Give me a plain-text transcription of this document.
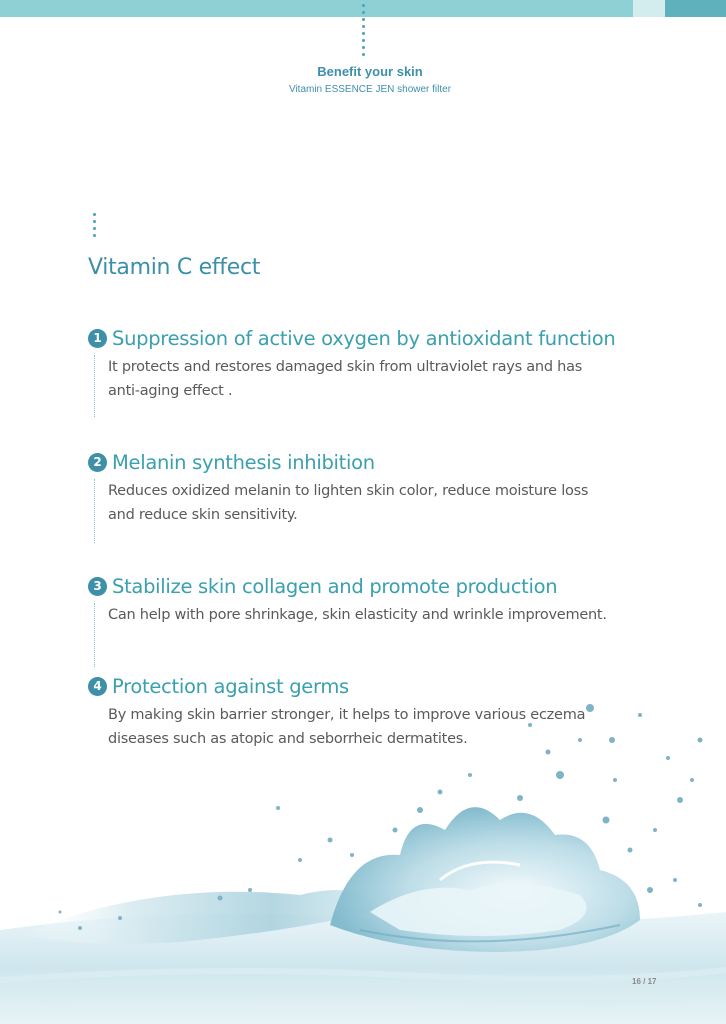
Benefit your skin
Vitamin ESSENCE JEN shower filter
Vitamin C effect
1 Suppression of active oxygen by antioxidant function
It protects and restores damaged skin from ultraviolet rays and has
anti-aging effect .
2 Melanin synthesis inhibition
Reduces oxidized melanin to lighten skin color, reduce moisture loss
and reduce skin sensitivity.
3 Stabilize skin collagen and promote production
Can help with pore shrinkage, skin elasticity and wrinkle improvement.
4 Protection against germs
By making skin barrier stronger, it helps to improve various eczema
diseases such as atopic and seborrheic dermatites.
16 / 17
